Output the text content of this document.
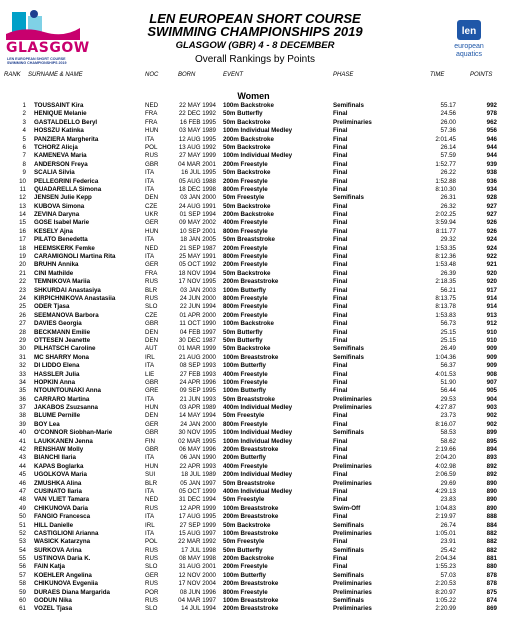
GLASGOW
LEN EUROPEAN SHORT COURSE
SWIMMING CHAMPIONSHIPS 2019
LEN EUROPEAN SHORT COURSE
SWIMMING CHAMPIONSHIPS 2019
GLASGOW (GBR) 4 - 8 DECEMBER
Overall Rankings by Points
len
european
aquatics
RANK SURNAME & NAME	NOC	BORN	EVENT	PHASE	TIME	POINTS
Women
1 TOUSSAINT Kira	NED	22 MAY 1994 100m Backstroke	Semifinals	55.17	992
2 HENIQUE Melanie	FRA	22 DEC 1992 50m Butterfly	Final	24.56	978
3 GASTALDELLO Beryl	FRA	16 FEB 1995 50m Backstroke	Preliminaries	26.00	962
4 HOSSZU Katinka	HUN	03 MAY 1989 100m Individual Medley	Final	57.36	956
5 PANZIERA Margherita	ITA	12 AUG 1995 200m Backstroke	Final	2:01.45	946
6 TCHORZ Alicja	POL	13 AUG 1992 50m Backstroke	Final	26.14	944
7 KAMENEVA Maria	RUS	27 MAY 1999 100m Individual Medley	Final	57.59	944
8 ANDERSON Freya	GBR	04 MAR 2001 200m Freestyle	Final	1:52.77	939
9 SCALIA Silvia	ITA	16 JUL 1995 50m Backstroke	Final	26.22	938
10 PELLEGRINI Federica	ITA	05 AUG 1988 200m Freestyle	Final	1:52.88	936
11 QUADARELLA Simona	ITA	18 DEC 1998 800m Freestyle	Final	8:10.30	934
12 JENSEN Julie Kepp	DEN	03 JAN 2000 50m Freestyle	Semifinals	26.31	928
13 KUBOVA Simona	CZE	24 AUG 1991 50m Backstroke	Final	26.32	927
14 ZEVINA Daryna	UKR	01 SEP 1994 200m Backstroke	Final	2:02.25	927
15 GOSE Isabel Marie	GER	09 MAY 2002 400m Freestyle	Final	3:59.94	926
16 KESELY Ajna	HUN	10 SEP 2001 800m Freestyle	Final	8:11.77	926
17 PILATO Benedetta	ITA	18 JAN 2005 50m Breaststroke	Final	29.32	924
18 HEEMSKERK Femke	NED	21 SEP 1987 200m Freestyle	Final	1:53.35	924
19 CARAMIGNOLI Martina Rita	ITA	25 MAY 1991 800m Freestyle	Final	8:12.36	922
20 BRUHN Annika	GER	05 OCT 1992 200m Freestyle	Final	1:53.48	921
21 CINI Mathilde	FRA	18 NOV 1994 50m Backstroke	Final	26.39	920
22 TEMNIKOVA Mariia	RUS	17 NOV 1995 200m Breaststroke	Final	2:18.35	920
23 SHKURDAI Anastasiya	BLR	03 JAN 2003 100m Butterfly	Final	56.21	917
24 KIRPICHNIKOVA Anastasiia	RUS	24 JUN 2000 800m Freestyle	Final	8:13.75	914
25 ODER Tjasa	SLO	22 JUN 1994 800m Freestyle	Final	8:13.78	914
26 SEEMANOVA Barbora	CZE	01 APR 2000 200m Freestyle	Final	1:53.83	913
27 DAVIES Georgia	GBR	11 OCT 1990 100m Backstroke	Final	56.73	912
28 BECKMANN Emilie	DEN	04 FEB 1997 50m Butterfly	Final	25.15	910
29 OTTESEN Jeanette	DEN	30 DEC 1987 50m Butterfly	Final	25.15	910
30 PILHATSCH Caroline	AUT	01 MAR 1999 50m Backstroke	Semifinals	26.49	909
31 MC SHARRY Mona	IRL	21 AUG 2000 100m Breaststroke	Semifinals	1:04.36	909
32 DI LIDDO Elena	ITA	08 SEP 1993 100m Butterfly	Final	56.37	909
33 HASSLER Julia	LIE	27 FEB 1993 400m Freestyle	Final	4:01.53	908
34 HOPKIN Anna	GBR	24 APR 1996 100m Freestyle	Final	51.90	907
35 NTOUNTOUNAKI Anna	GRE	09 SEP 1995 100m Butterfly	Final	56.44	905
36 CARRARO Martina	ITA	21 JUN 1993 50m Breaststroke	Preliminaries	29.53	904
37 JAKABOS Zsuzsanna	HUN	03 APR 1989 400m Individual Medley	Preliminaries	4:27.87	903
38 BLUME Pernille	DEN	14 MAY 1994 50m Freestyle	Final	23.73	902
39 BOY Lea	GER	24 JAN 2000 800m Freestyle	Final	8:16.07	902
40 O'CONNOR Siobhan-Marie	GBR	30 NOV 1995 100m Individual Medley	Semifinals	58.53	899
41 LAUKKANEN Jenna	FIN	02 MAR 1995 100m Individual Medley	Final	58.62	895
42 RENSHAW Molly	GBR	06 MAY 1996 200m Breaststroke	Final	2:19.66	894
43 BIANCHI Ilaria	ITA	06 JAN 1990 200m Butterfly	Final	2:04.20	893
44 KAPAS Boglarka	HUN	22 APR 1993 400m Freestyle	Preliminaries	4:02.98	892
45 UGOLKOVA Maria	SUI	18 JUL 1989 200m Individual Medley	Final	2:06.59	892
46 ZMUSHKA Alina	BLR	05 JAN 1997 50m Breaststroke	Preliminaries	29.69	890
47 CUSINATO Ilaria	ITA	05 OCT 1999 400m Individual Medley	Final	4:29.13	890
48 VAN VLIET Tamara	NED	31 DEC 1994 50m Freestyle	Final	23.83	890
49 CHIKUNOVA Daria	RUS	12 APR 1999 100m Breaststroke	Swim-Off	1:04.83	890
50 FANGIO Francesca	ITA	17 AUG 1995 200m Breaststroke	Final	2:19.97	888
51 HILL Danielle	IRL	27 SEP 1999 50m Backstroke	Semifinals	26.74	884
52 CASTIGLIONI Arianna	ITA	15 AUG 1997 100m Breaststroke	Preliminaries	1:05.01	882
53 WASICK Katarzyna	POL	22 MAR 1992 50m Freestyle	Final	23.91	882
54 SURKOVA Arina	RUS	17 JUL 1998 50m Butterfly	Semifinals	25.42	882
55 USTINOVA Daria K.	RUS	08 MAY 1998 200m Backstroke	Final	2:04.34	881
56 FAIN Katja	SLO	31 AUG 2001 200m Freestyle	Final	1:55.23	880
57 KOEHLER Angelina	GER	12 NOV 2000 100m Butterfly	Semifinals	57.03	878
58 CHIKUNOVA Evgeniia	RUS	17 NOV 2004 200m Breaststroke	Preliminaries	2:20.53	878
59 DURAES Diana Margarida	POR	08 JUN 1996 800m Freestyle	Preliminaries	8:20.97	875
60 GODUN Nika	RUS	04 MAR 1997 100m Breaststroke	Semifinals	1:05.22	874
61 VOZEL Tjasa	SLO	14 JUL 1994 200m Breaststroke	Preliminaries	2:20.99	869
